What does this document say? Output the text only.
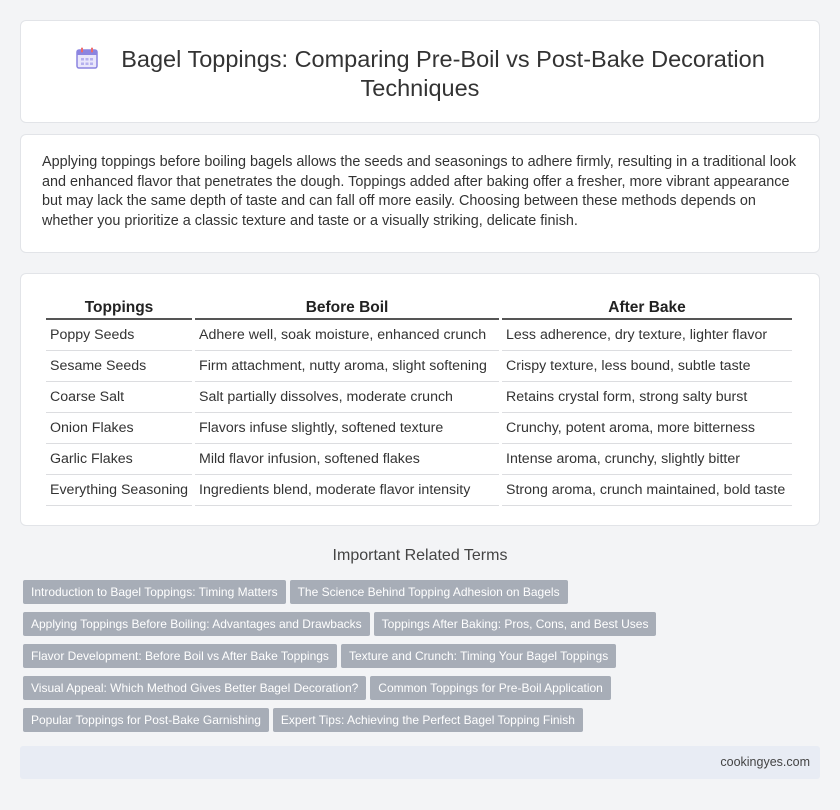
Bagel Toppings: Comparing Pre-Boil vs Post-Bake Decoration
Techniques

Applying toppings before boiling bagels allows the seeds and seasonings to adhere firmly, resulting in a traditional look and enhanced flavor that penetrates the dough. Toppings added after baking offer a fresher, more vibrant appearance but may lack the same depth of taste and can fall off more easily. Choosing between these methods depends on whether you prioritize a classic texture and taste or a visually striking, delicate finish.

Toppings	Before Boil	After Bake
Poppy Seeds	Adhere well, soak moisture, enhanced crunch	Less adherence, dry texture, lighter flavor
Sesame Seeds	Firm attachment, nutty aroma, slight softening	Crispy texture, less bound, subtle taste
Coarse Salt	Salt partially dissolves, moderate crunch	Retains crystal form, strong salty burst
Onion Flakes	Flavors infuse slightly, softened texture	Crunchy, potent aroma, more bitterness
Garlic Flakes	Mild flavor infusion, softened flakes	Intense aroma, crunchy, slightly bitter
Everything Seasoning	Ingredients blend, moderate flavor intensity	Strong aroma, crunch maintained, bold taste
Important Related Terms
Introduction to Bagel Toppings: Timing Matters The Science Behind Topping Adhesion on Bagels
Applying Toppings Before Boiling: Advantages and Drawbacks Toppings After Baking: Pros, Cons, and Best Uses
Flavor Development: Before Boil vs After Bake Toppings Texture and Crunch: Timing Your Bagel Toppings
Visual Appeal: Which Method Gives Better Bagel Decoration? Common Toppings for Pre-Boil Application
Popular Toppings for Post-Bake Garnishing Expert Tips: Achieving the Perfect Bagel Topping Finish
cookingyes.com
